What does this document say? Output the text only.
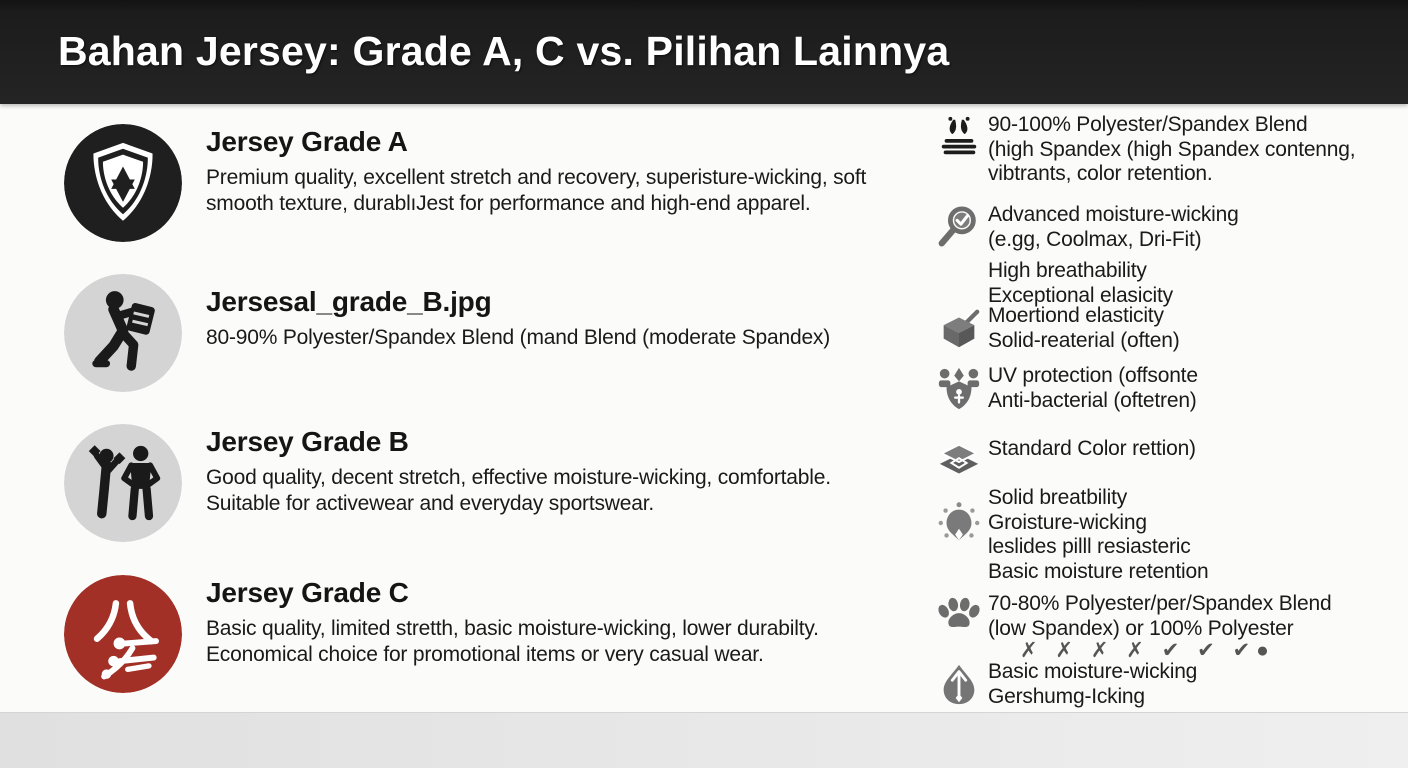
Bahan Jersey: Grade A, C vs. Pilihan Lainnya
Jersey Grade A
Premium quality, excellent stretch and recovery, superisture-wicking, soft
smooth texture, durablıJest for performance and high-end apparel.
Jersesal_grade_B.jpg
80-90% Polyester/Spandex Blend (mand Blend (moderate Spandex)
Jersey Grade B
Good quality, decent stretch, effective moisture-wicking, comfortable.
Suitable for activewear and everyday sportswear.
Jersey Grade C
Basic quality, limited stretth, basic moisture-wicking, lower durabilty.
Economical choice for promotional items or very casual wear.
90-100% Polyester/Spandex Blend
(high Spandex (high Spandex contenng,
vibtrants, color retention.
Advanced moisture-wicking
(e.gg, Coolmax, Dri-Fit)
High breathability
Exceptional elasicity
Moertiond elasticity
Solid-reaterial (often)
UV protection (offsonte
Anti-bacterial (oftetren)
Standard Color rettion)
Solid breatbility
Groisture-wicking
leslides pilll resiasteric
Basic moisture retention
70-80% Polyester/per/Spandex Blend
(low Spandex) or 100% Polyester
✗ ✗ ✗ ✗ ✔ ✔ ✔●
Basic moisture-wicking
Gershumg-Icking
